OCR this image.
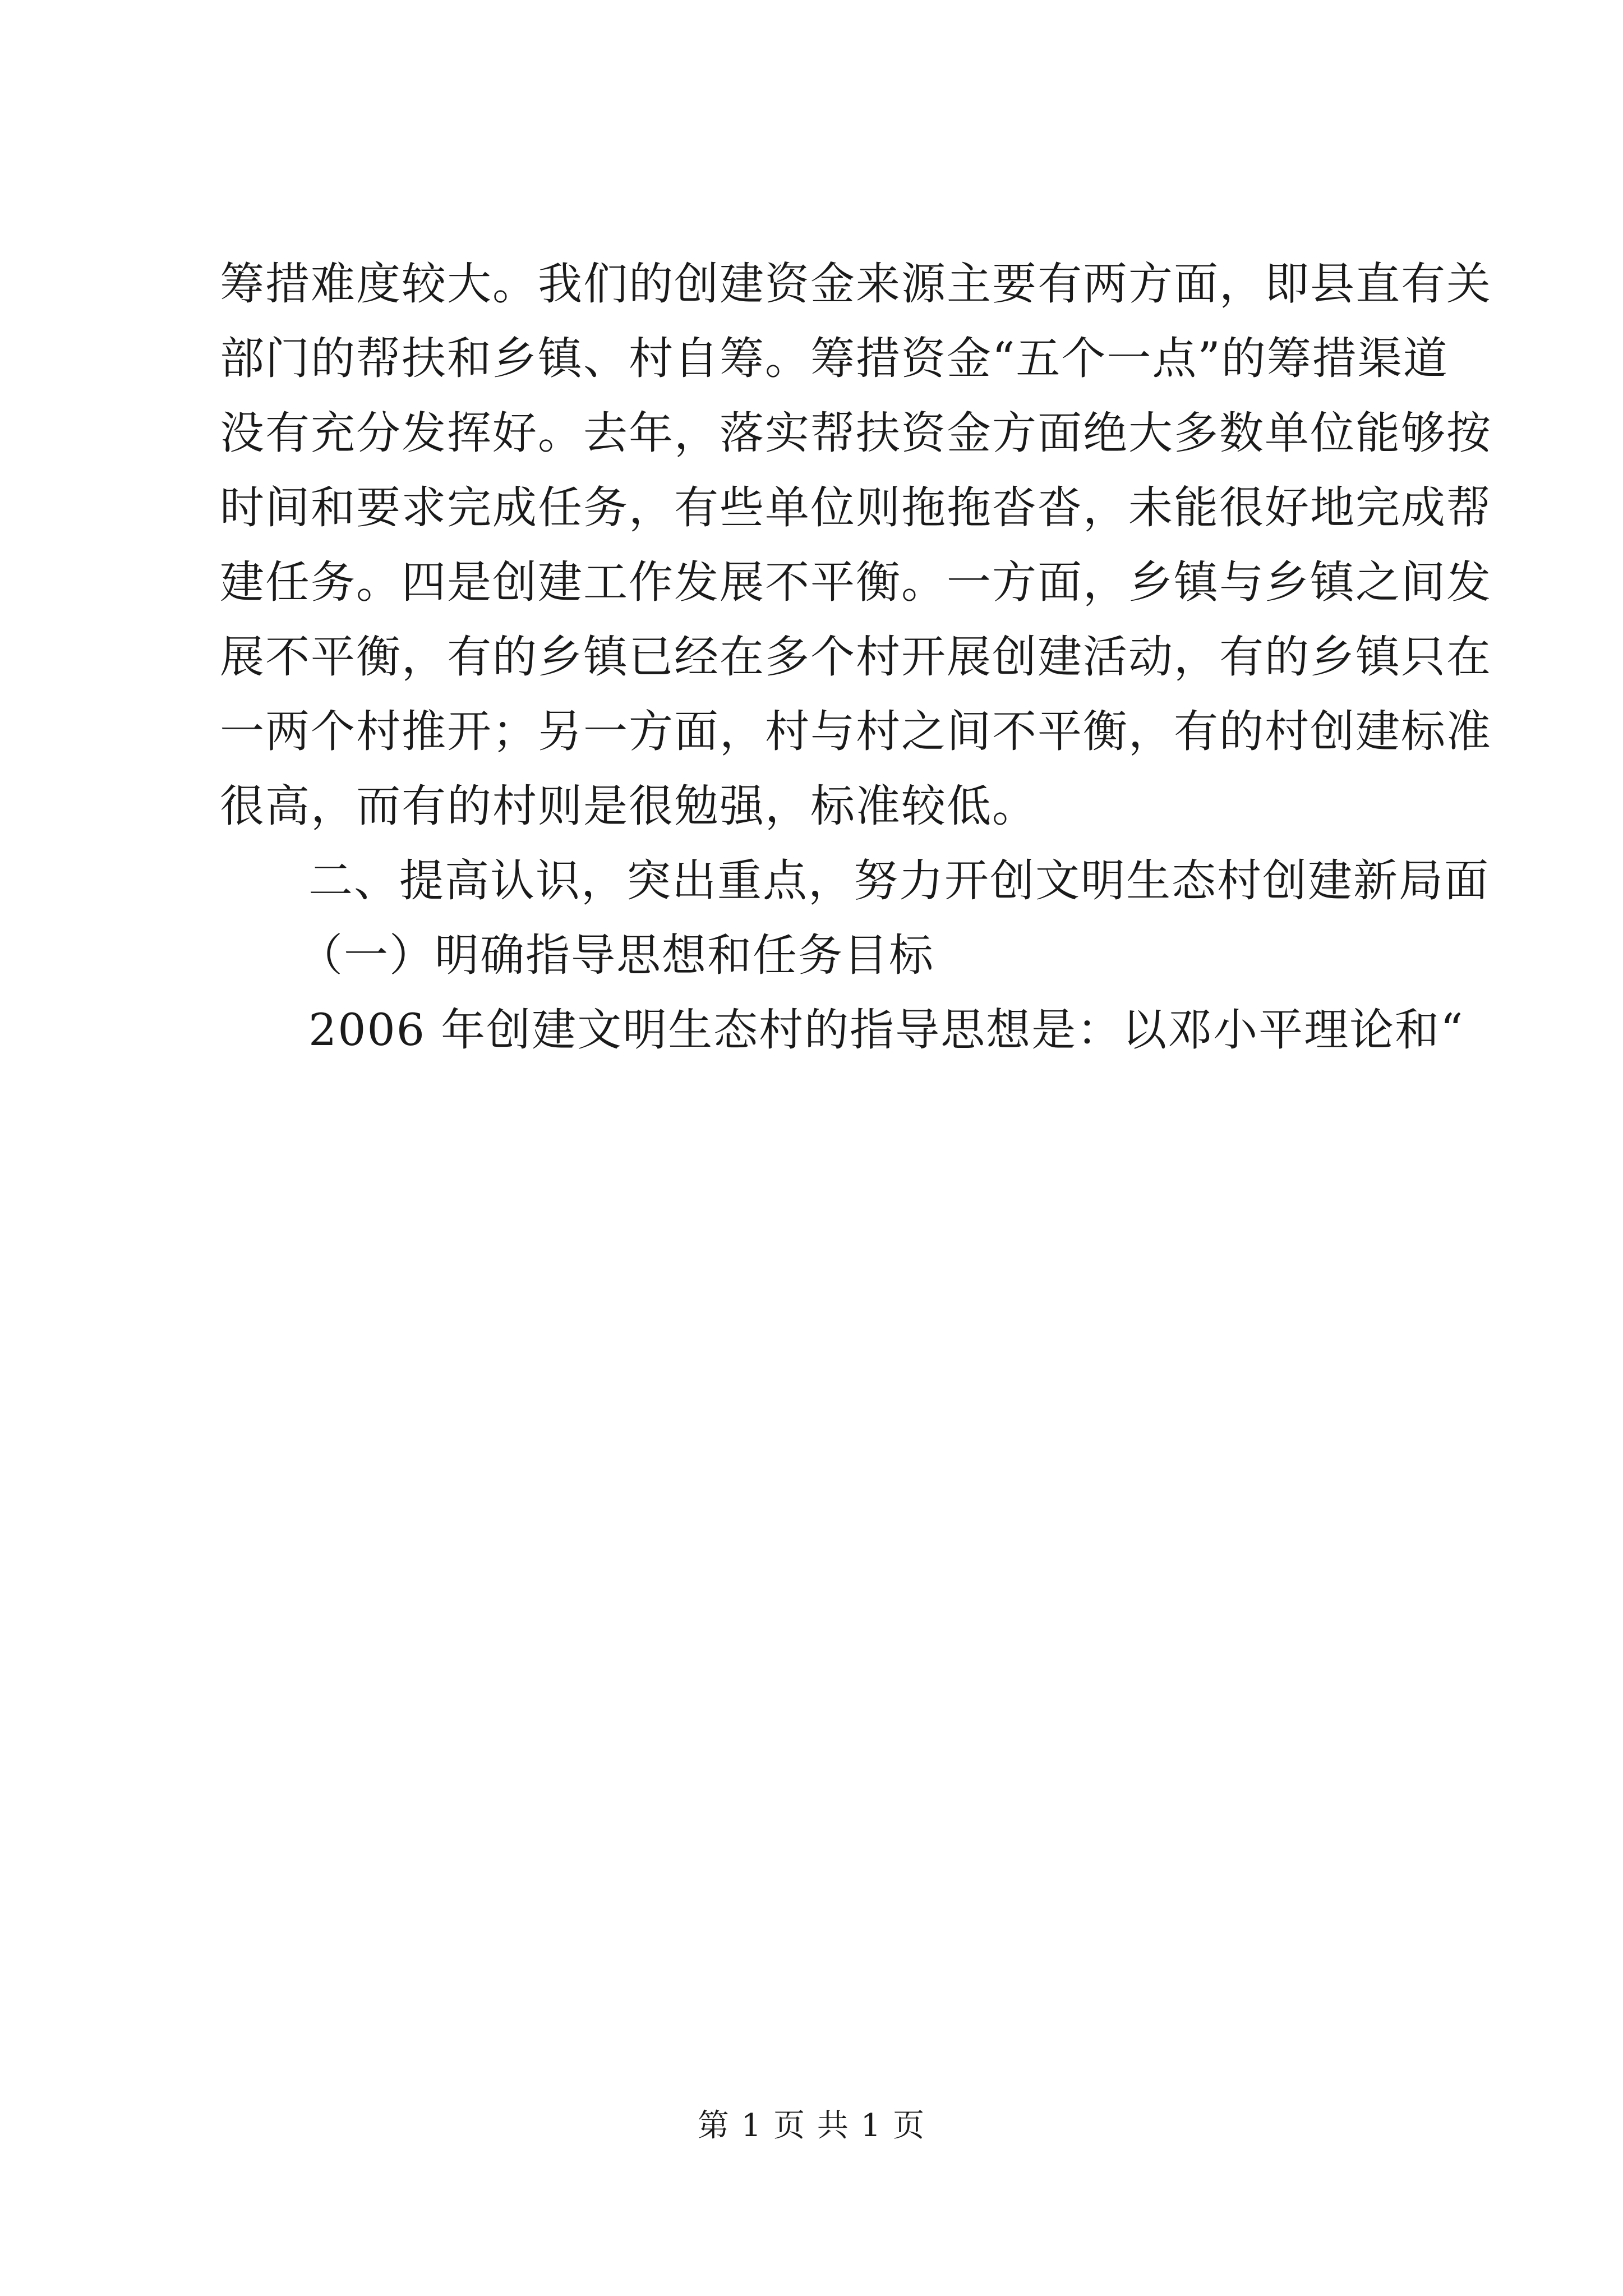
筹措难度较大。我们的创建资金来源主要有两方面，即县直有关
部门的帮扶和乡镇、村自筹。筹措资金“五个一点”的筹措渠道
没有充分发挥好。去年，落实帮扶资金方面绝大多数单位能够按
时间和要求完成任务，有些单位则拖拖沓沓，未能很好地完成帮
建任务。四是创建工作发展不平衡。一方面，乡镇与乡镇之间发
展不平衡，有的乡镇已经在多个村开展创建活动，有的乡镇只在
一两个村推开；另一方面，村与村之间不平衡，有的村创建标准
很高，而有的村则是很勉强，标准较低。
二、提高认识，突出重点，努力开创文明生态村创建新局面
（一）明确指导思想和任务目标
2006 年创建文明生态村的指导思想是：以邓小平理论和“
第 1 页 共 1 页
